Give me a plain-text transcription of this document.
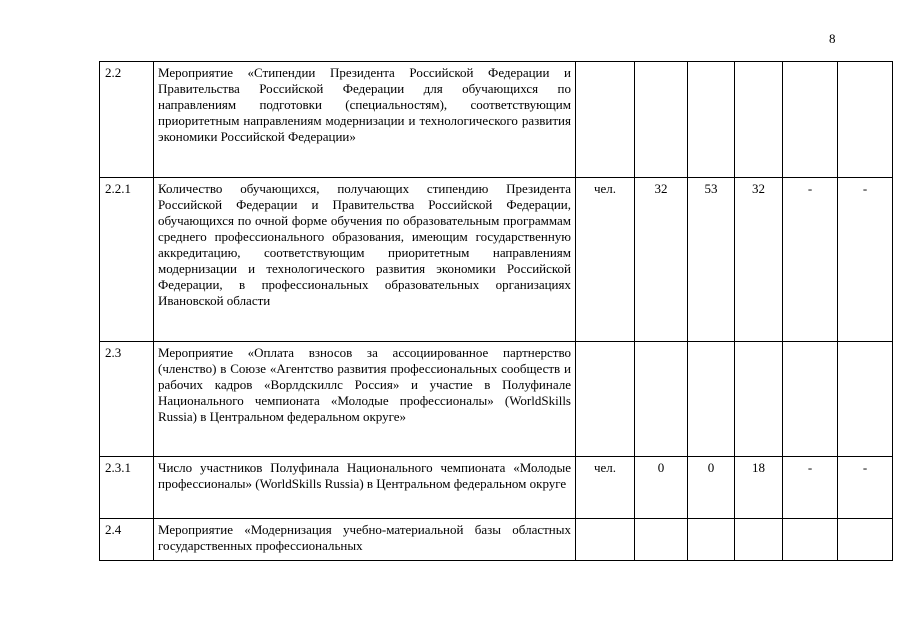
8
2.2	Мероприятие «Стипендии Президента Российской Федерации и Правительства Российской Федерации для обучающихся по направлениям подготовки (специальностям), соответствующим приоритетным направлениям модернизации и технологического развития экономики Российской Федерации»						
2.2.1	Количество обучающихся, получающих стипендию Президента Российской Федерации и Правительства Российской Федерации, обучающихся по очной форме обучения по образовательным программам среднего профессионального образования, имеющим государственную аккредитацию, соответствующим приоритетным направлениям модернизации и технологического развития экономики Российской Федерации, в профессиональных образовательных организациях Ивановской области	чел.	32	53	32	-	-
2.3	Мероприятие «Оплата взносов за ассоциированное партнерство (членство) в Союзе «Агентство развития профессиональных сообществ и рабочих кадров «Ворлдскиллс Россия» и участие в Полуфинале Национального чемпионата «Молодые профессионалы» (WorldSkills Russia) в Центральном федеральном округе»						
2.3.1	Число участников Полуфинала Национального чемпионата «Молодые профессионалы» (WorldSkills Russia) в Центральном федеральном округе	чел.	0	0	18	-	-
2.4	Мероприятие «Модернизация учебно-материальной базы областных государственных профессиональных						
